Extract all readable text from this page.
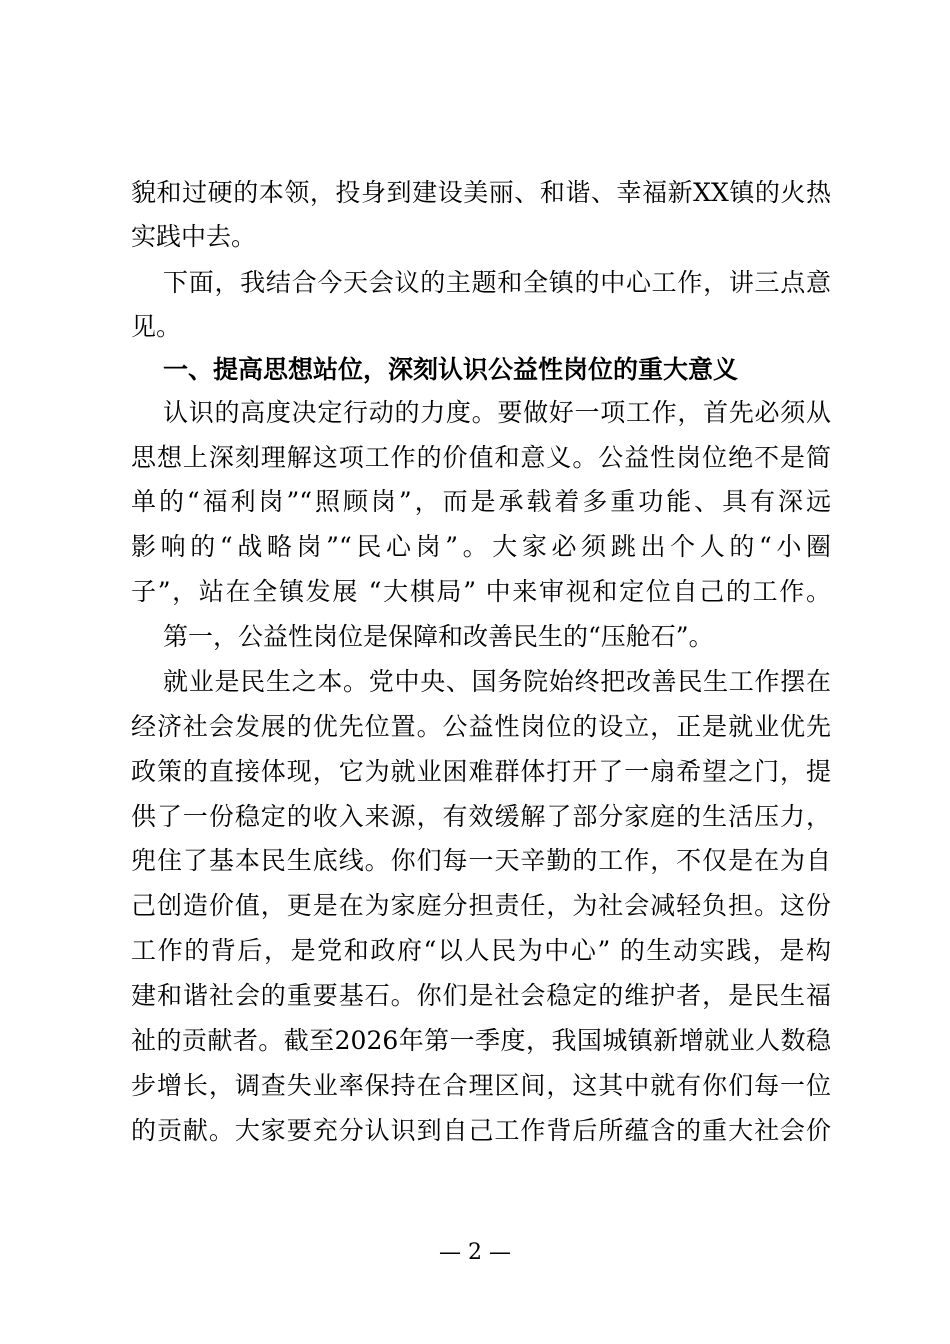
貌和过硬的本领，投身到建设美丽、和谐、幸福新XX镇的火热
实践中去。
下面，我结合今天会议的主题和全镇的中心工作，讲三点意
见。
一、提高思想站位，深刻认识公益性岗位的重大意义
认识的高度决定行动的力度。要做好一项工作，首先必须从
思想上深刻理解这项工作的价值和意义。公益性岗位绝不是简
单的“福利岗”“照顾岗”，而是承载着多重功能、具有深远
影响的“战略岗”“民心岗”。大家必须跳出个人的“小圈
子”，站在全镇发展 “大棋局” 中来审视和定位自己的工作。
第一，公益性岗位是保障和改善民生的“压舱石”。
就业是民生之本。党中央、国务院始终把改善民生工作摆在
经济社会发展的优先位置。公益性岗位的设立，正是就业优先
政策的直接体现，它为就业困难群体打开了一扇希望之门，提
供了一份稳定的收入来源，有效缓解了部分家庭的生活压力，
兜住了基本民生底线。你们每一天辛勤的工作，不仅是在为自
己创造价值，更是在为家庭分担责任，为社会减轻负担。这份
工作的背后，是党和政府“以人民为中心” 的生动实践，是构
建和谐社会的重要基石。你们是社会稳定的维护者，是民生福
祉的贡献者。截至2026年第一季度，我国城镇新增就业人数稳
步增长，调查失业率保持在合理区间，这其中就有你们每一位
的贡献。大家要充分认识到自己工作背后所蕴含的重大社会价
— 2 —
